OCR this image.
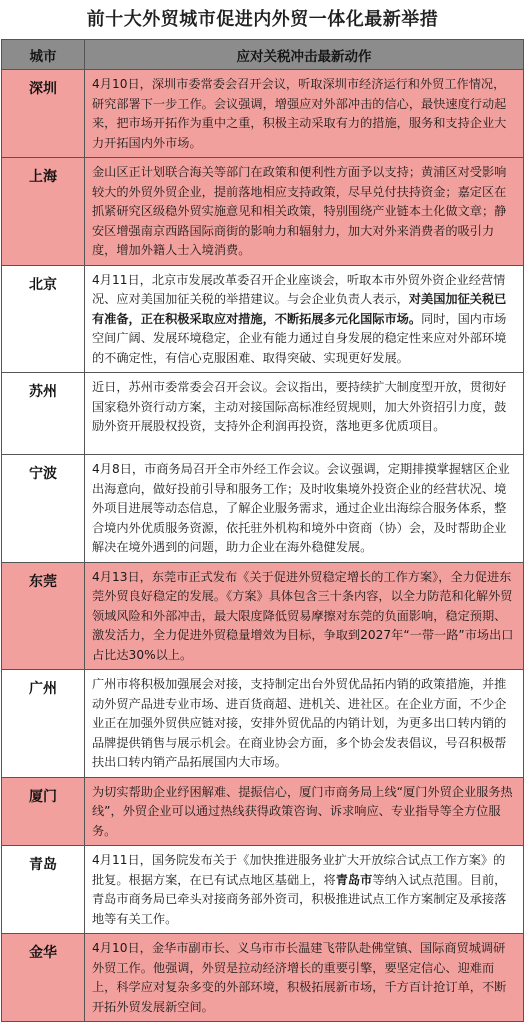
前十大外贸城市促进内外贸一体化最新举措
城市	应对关税冲击最新动作
深圳	4月10日，深圳市委常委会召开会议，听取深圳市经济运行和外贸工作情况，研究部署下一步工作。会议强调，增强应对外部冲击的信心，最快速度行动起来，把市场开拓作为重中之重，积极主动采取有力的措施，服务和支持企业大力开拓国内外市场。
上海	金山区正计划联合海关等部门在政策和便利性方面予以支持；黄浦区对受影响较大的外贸外贸企业，提前落地相应支持政策，尽早兑付扶持资金；嘉定区在抓紧研究区级稳外贸实施意见和相关政策，特别围绕产业链本土化做文章；静安区增强南京西路国际商街的影响力和辐射力，加大对外来消费者的吸引力度，增加外籍人士入境消费。
北京	4月11日，北京市发展改革委召开企业座谈会，听取本市外贸外资企业经营情况、应对美国加征关税的举措建议。与会企业负责人表示，对美国加征关税已有准备，正在积极采取应对措施，不断拓展多元化国际市场。同时，国内市场空间广阔、发展环境稳定，企业有能力通过自身发展的稳定性来应对外部环境的不确定性，有信心克服困难、取得突破、实现更好发展。
苏州	近日，苏州市委常委会召开会议。会议指出，要持续扩大制度型开放，贯彻好国家稳外资行动方案，主动对接国际高标准经贸规则，加大外资招引力度，鼓励外资开展股权投资，支持外企利润再投资，落地更多优质项目。
宁波	4月8日，市商务局召开全市外经工作会议。会议强调，定期排摸掌握辖区企业出海意向，做好投前引导和服务工作；及时收集境外投资企业的经营状况、境外项目进展等动态信息，了解企业服务需求，通过企业出海综合服务体系，整合境内外优质服务资源，依托驻外机构和境外中资商（协）会，及时帮助企业解决在境外遇到的问题，助力企业在海外稳健发展。
东莞	4月13日，东莞市正式发布《关于促进外贸稳定增长的工作方案》，全力促进东莞外贸良好稳定的发展。《方案》具体包含三十条内容，以全力防范和化解外贸领域风险和外部冲击，最大限度降低贸易摩擦对东莞的负面影响，稳定预期、激发活力，全力促进外贸稳量增效为目标，争取到2027年“一带一路”市场出口占比达30%以上。
广州	广州市将积极加强展会对接，支持制定出台外贸优品拓内销的政策措施，并推动外贸产品进专业市场、进百货商超、进机关、进社区。在企业方面，不少企业正在加强外贸供应链对接，安排外贸优品的内销计划，为更多出口转内销的品牌提供销售与展示机会。在商业协会方面，多个协会发表倡议，号召积极帮扶出口转内销产品拓展国内大市场。
厦门	为切实帮助企业纾困解难、提振信心，厦门市商务局上线“厦门外贸企业服务热线”，外贸企业可以通过热线获得政策咨询、诉求响应、专业指导等全方位服务。
青岛	4月11日，国务院发布关于《加快推进服务业扩大开放综合试点工作方案》的批复。根据方案，在已有试点地区基础上，将青岛市等纳入试点范围。目前，青岛市商务局已牵头对接商务部外资司，积极推进试点工作方案制定及承接落地等有关工作。
金华	4月10日，金华市副市长、义乌市市长温建飞带队赴佛堂镇、国际商贸城调研外贸工作。他强调，外贸是拉动经济增长的重要引擎，要坚定信心、迎难而上，科学应对复杂多变的外部环境，积极拓展新市场，千方百计抢订单，不断开拓外贸发展新空间。
